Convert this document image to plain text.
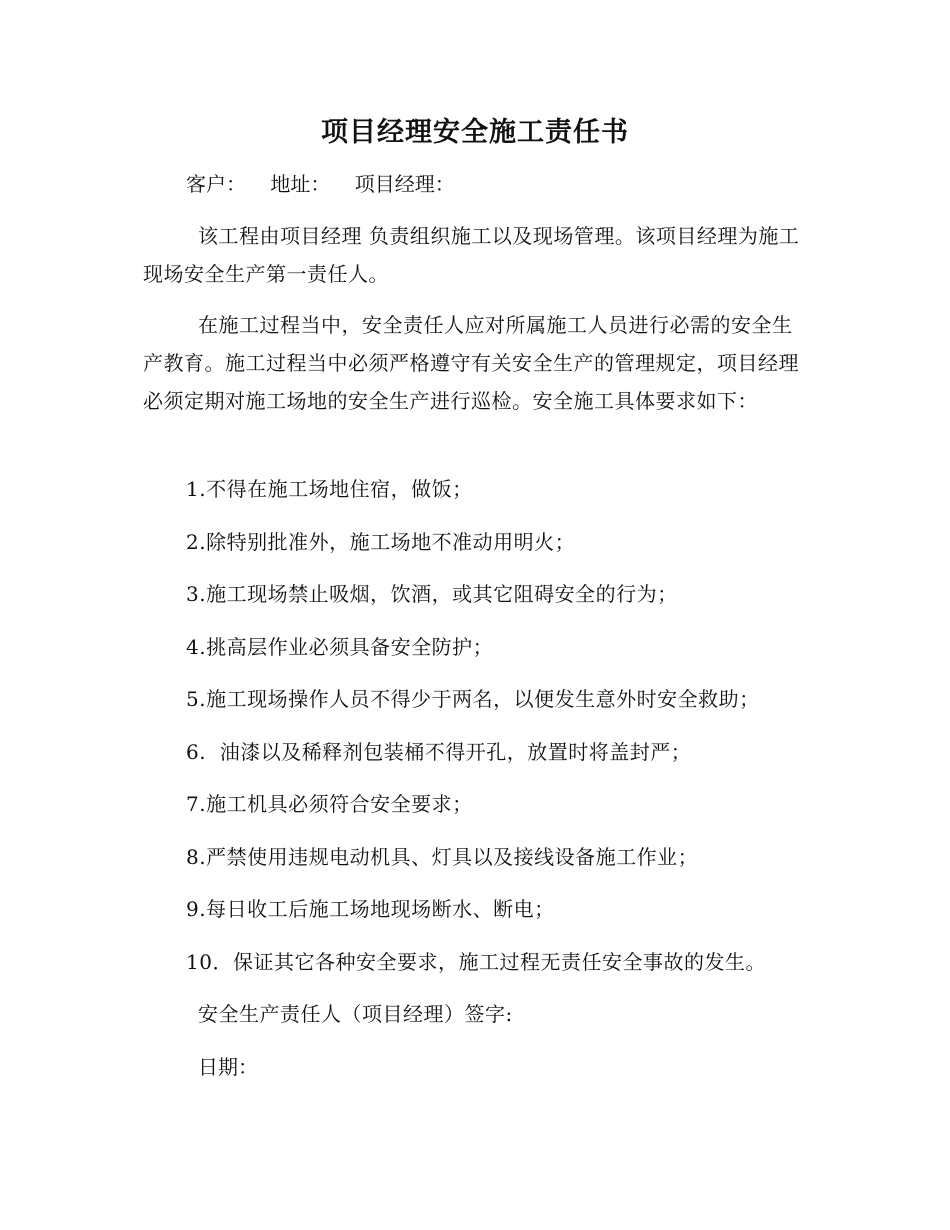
项目经理安全施工责任书
客户： 地址： 项目经理：

该工程由项目经理 负责组织施工以及现场管理。该项目经理为施工现场安全生产第一责任人。

在施工过程当中，安全责任人应对所属施工人员进行必需的安全生产教育。施工过程当中必须严格遵守有关安全生产的管理规定，项目经理必须定期对施工场地的安全生产进行巡检。安全施工具体要求如下：

1.不得在施工场地住宿，做饭；

2.除特别批准外，施工场地不准动用明火；

3.施工现场禁止吸烟，饮酒，或其它阻碍安全的行为；

4.挑高层作业必须具备安全防护；

5.施工现场操作人员不得少于两名，以便发生意外时安全救助；

6.  油漆以及稀释剂包装桶不得开孔，放置时将盖封严；

7.施工机具必须符合安全要求；

8.严禁使用违规电动机具、灯具以及接线设备施工作业；

9.每日收工后施工场地现场断水、断电；

10．保证其它各种安全要求，施工过程无责任安全事故的发生。

安全生产责任人（项目经理）签字:

日期：
